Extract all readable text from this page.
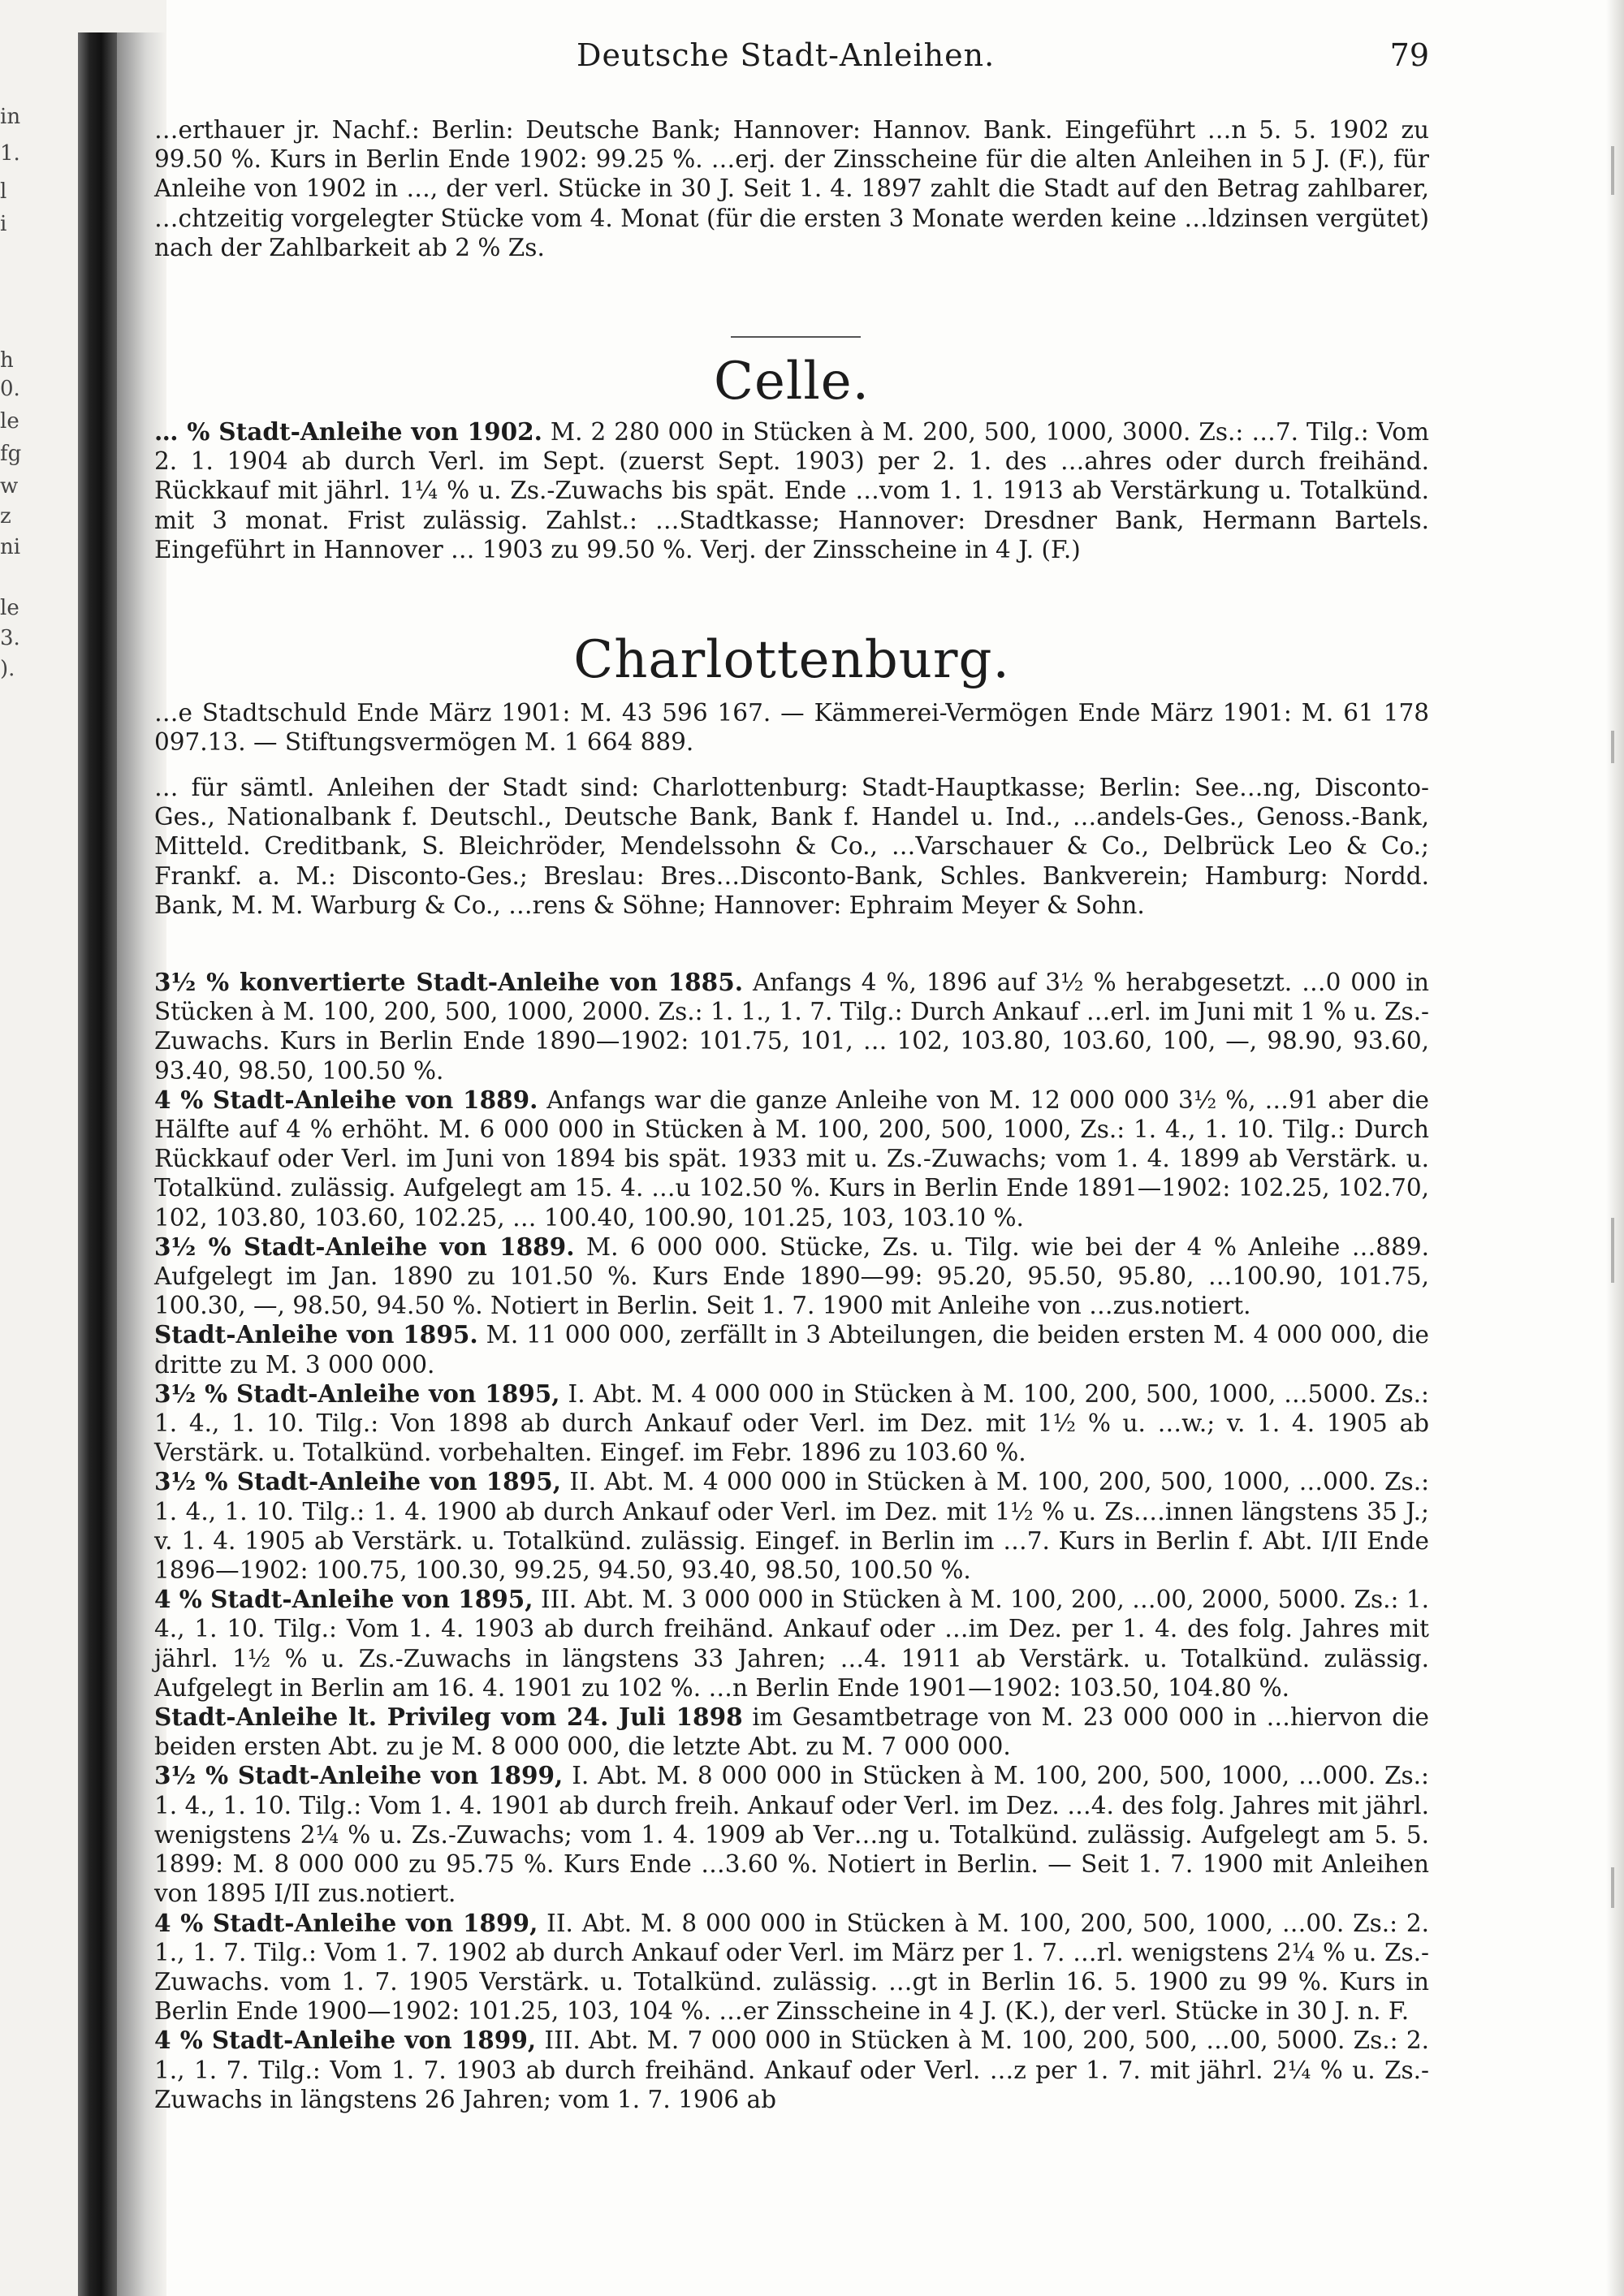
in
1.
l
i
h
0.
le
fg
w
z
ni
le
3.
).
Deutsche Stadt-Anleihen.	79

…erthauer jr. Nachf.: Berlin: Deutsche Bank; Hannover: Hannov. Bank. Eingeführt …n 5. 5. 1902 zu 99.50 %. Kurs in Berlin Ende 1902: 99.25 %. …erj. der Zinsscheine für die alten Anleihen in 5 J. (F.), für Anleihe von 1902 in …, der verl. Stücke in 30 J. Seit 1. 4. 1897 zahlt die Stadt auf den Betrag zahlbarer, …chtzeitig vorgelegter Stücke vom 4. Monat (für die ersten 3 Monate werden keine …ldzinsen vergütet) nach der Zahlbarkeit ab 2 % Zs.

Celle.

… % Stadt-Anleihe von 1902. M. 2 280 000 in Stücken à M. 200, 500, 1000, 3000. Zs.: …7. Tilg.: Vom 2. 1. 1904 ab durch Verl. im Sept. (zuerst Sept. 1903) per 2. 1. des …ahres oder durch freihänd. Rückkauf mit jährl. 1¼ % u. Zs.-Zuwachs bis spät. Ende …vom 1. 1. 1913 ab Verstärkung u. Totalkünd. mit 3 monat. Frist zulässig. Zahlst.: …Stadtkasse; Hannover: Dresdner Bank, Hermann Bartels. Eingeführt in Hannover … 1903 zu 99.50 %. Verj. der Zinsscheine in 4 J. (F.)

Charlottenburg.

…e Stadtschuld Ende März 1901: M. 43 596 167. — Kämmerei-Vermögen Ende März 1901: M. 61 178 097.13. — Stiftungsvermögen M. 1 664 889.

… für sämtl. Anleihen der Stadt sind: Charlottenburg: Stadt-Hauptkasse; Berlin: See…ng, Disconto-Ges., Nationalbank f. Deutschl., Deutsche Bank, Bank f. Handel u. Ind., …andels-Ges., Genoss.-Bank, Mitteld. Creditbank, S. Bleichröder, Mendelssohn & Co., …Varschauer & Co., Delbrück Leo & Co.; Frankf. a. M.: Disconto-Ges.; Breslau: Bres…Disconto-Bank, Schles. Bankverein; Hamburg: Nordd. Bank, M. M. Warburg & Co., …rens & Söhne; Hannover: Ephraim Meyer & Sohn.

3½ % konvertierte Stadt-Anleihe von 1885. Anfangs 4 %, 1896 auf 3½ % herabgesetzt. …0 000 in Stücken à M. 100, 200, 500, 1000, 2000. Zs.: 1. 1., 1. 7. Tilg.: Durch Ankauf …erl. im Juni mit 1 % u. Zs.-Zuwachs. Kurs in Berlin Ende 1890—1902: 101.75, 101, … 102, 103.80, 103.60, 100, —, 98.90, 93.60, 93.40, 98.50, 100.50 %.

4 % Stadt-Anleihe von 1889. Anfangs war die ganze Anleihe von M. 12 000 000 3½ %, …91 aber die Hälfte auf 4 % erhöht. M. 6 000 000 in Stücken à M. 100, 200, 500, 1000, Zs.: 1. 4., 1. 10. Tilg.: Durch Rückkauf oder Verl. im Juni von 1894 bis spät. 1933 mit u. Zs.-Zuwachs; vom 1. 4. 1899 ab Verstärk. u. Totalkünd. zulässig. Aufgelegt am 15. 4. …u 102.50 %. Kurs in Berlin Ende 1891—1902: 102.25, 102.70, 102, 103.80, 103.60, 102.25, … 100.40, 100.90, 101.25, 103, 103.10 %.

3½ % Stadt-Anleihe von 1889. M. 6 000 000. Stücke, Zs. u. Tilg. wie bei der 4 % Anleihe …889. Aufgelegt im Jan. 1890 zu 101.50 %. Kurs Ende 1890—99: 95.20, 95.50, 95.80, …100.90, 101.75, 100.30, —, 98.50, 94.50 %. Notiert in Berlin. Seit 1. 7. 1900 mit Anleihe von …zus.notiert.

Stadt-Anleihe von 1895. M. 11 000 000, zerfällt in 3 Abteilungen, die beiden ersten M. 4 000 000, die dritte zu M. 3 000 000.

3½ % Stadt-Anleihe von 1895, I. Abt. M. 4 000 000 in Stücken à M. 100, 200, 500, 1000, …5000. Zs.: 1. 4., 1. 10. Tilg.: Von 1898 ab durch Ankauf oder Verl. im Dez. mit 1½ % u. …w.; v. 1. 4. 1905 ab Verstärk. u. Totalkünd. vorbehalten. Eingef. im Febr. 1896 zu 103.60 %.

3½ % Stadt-Anleihe von 1895, II. Abt. M. 4 000 000 in Stücken à M. 100, 200, 500, 1000, …000. Zs.: 1. 4., 1. 10. Tilg.: 1. 4. 1900 ab durch Ankauf oder Verl. im Dez. mit 1½ % u. Zs.…innen längstens 35 J.; v. 1. 4. 1905 ab Verstärk. u. Totalkünd. zulässig. Eingef. in Berlin im …7. Kurs in Berlin f. Abt. I/II Ende 1896—1902: 100.75, 100.30, 99.25, 94.50, 93.40, 98.50, 100.50 %.

4 % Stadt-Anleihe von 1895, III. Abt. M. 3 000 000 in Stücken à M. 100, 200, …00, 2000, 5000. Zs.: 1. 4., 1. 10. Tilg.: Vom 1. 4. 1903 ab durch freihänd. Ankauf oder …im Dez. per 1. 4. des folg. Jahres mit jährl. 1½ % u. Zs.-Zuwachs in längstens 33 Jahren; …4. 1911 ab Verstärk. u. Totalkünd. zulässig. Aufgelegt in Berlin am 16. 4. 1901 zu 102 %. …n Berlin Ende 1901—1902: 103.50, 104.80 %.

Stadt-Anleihe lt. Privileg vom 24. Juli 1898 im Gesamtbetrage von M. 23 000 000 in …hiervon die beiden ersten Abt. zu je M. 8 000 000, die letzte Abt. zu M. 7 000 000.

3½ % Stadt-Anleihe von 1899, I. Abt. M. 8 000 000 in Stücken à M. 100, 200, 500, 1000, …000. Zs.: 1. 4., 1. 10. Tilg.: Vom 1. 4. 1901 ab durch freih. Ankauf oder Verl. im Dez. …4. des folg. Jahres mit jährl. wenigstens 2¼ % u. Zs.-Zuwachs; vom 1. 4. 1909 ab Ver…ng u. Totalkünd. zulässig. Aufgelegt am 5. 5. 1899: M. 8 000 000 zu 95.75 %. Kurs Ende …3.60 %. Notiert in Berlin. — Seit 1. 7. 1900 mit Anleihen von 1895 I/II zus.notiert.

4 % Stadt-Anleihe von 1899, II. Abt. M. 8 000 000 in Stücken à M. 100, 200, 500, 1000, …00. Zs.: 2. 1., 1. 7. Tilg.: Vom 1. 7. 1902 ab durch Ankauf oder Verl. im März per 1. 7. …rl. wenigstens 2¼ % u. Zs.-Zuwachs. vom 1. 7. 1905 Verstärk. u. Totalkünd. zulässig. …gt in Berlin 16. 5. 1900 zu 99 %. Kurs in Berlin Ende 1900—1902: 101.25, 103, 104 %. …er Zinsscheine in 4 J. (K.), der verl. Stücke in 30 J. n. F.

4 % Stadt-Anleihe von 1899, III. Abt. M. 7 000 000 in Stücken à M. 100, 200, 500, …00, 5000. Zs.: 2. 1., 1. 7. Tilg.: Vom 1. 7. 1903 ab durch freihänd. Ankauf oder Verl. …z per 1. 7. mit jährl. 2¼ % u. Zs.-Zuwachs in längstens 26 Jahren; vom 1. 7. 1906 ab
